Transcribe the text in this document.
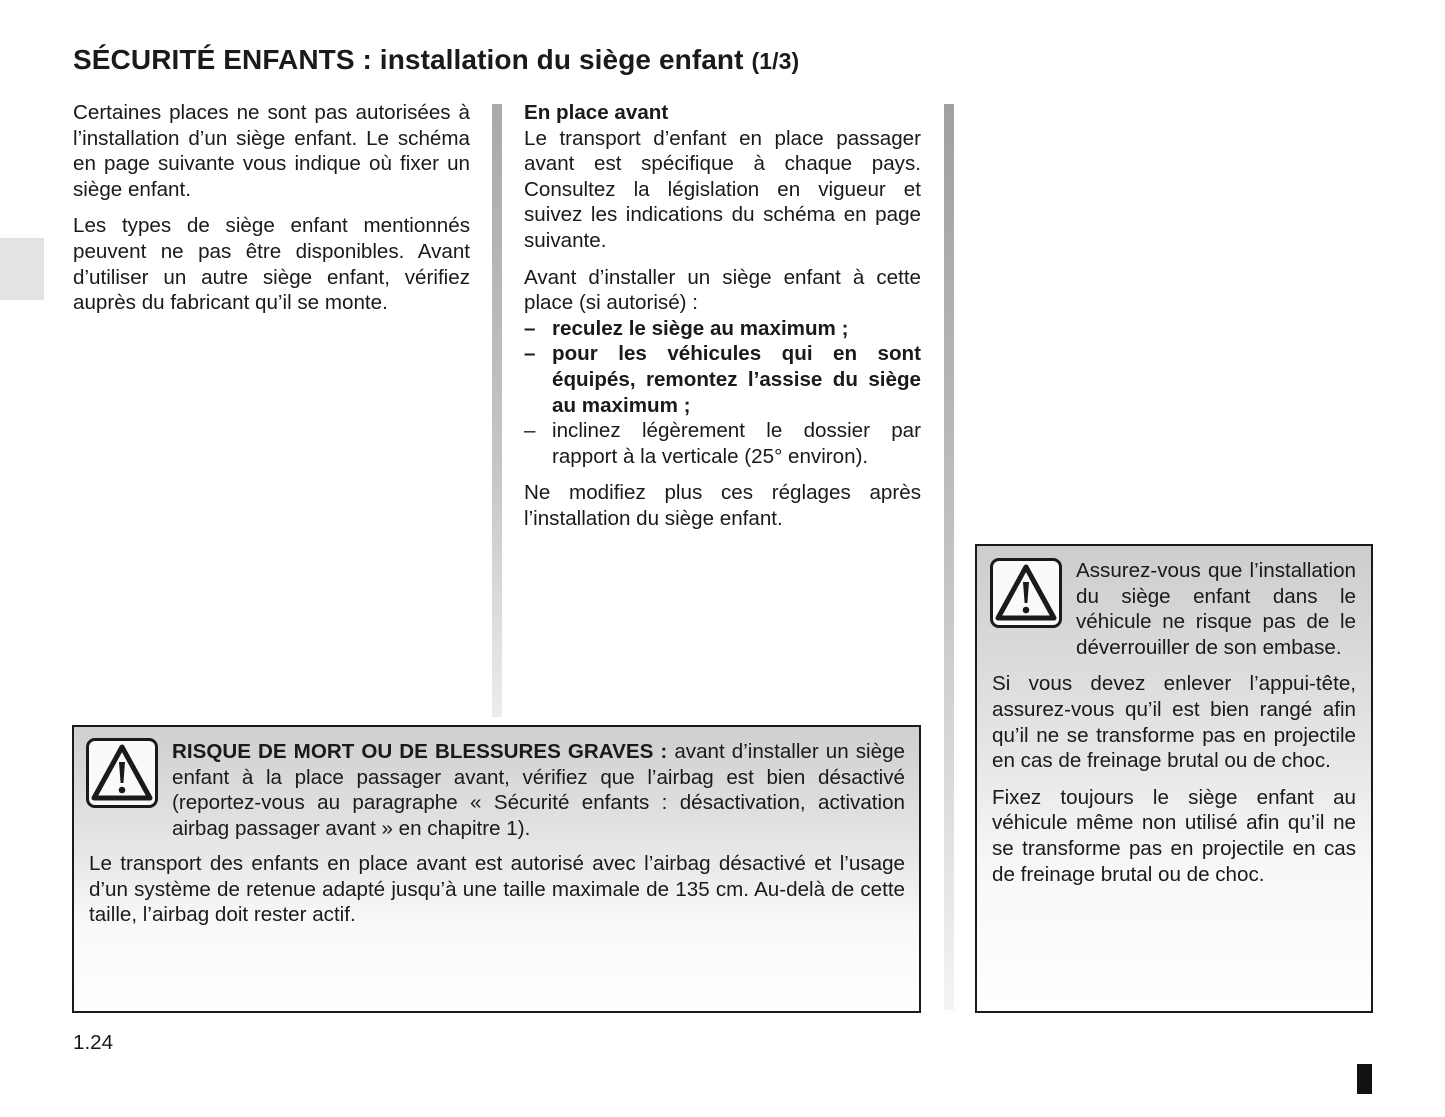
SÉCURITÉ ENFANTS : installation du siège enfant (1/3)

Certaines places ne sont pas autorisées à l’installation d’un siège enfant. Le schéma en page suivante vous indique où fixer un siège enfant.

Les types de siège enfant mentionnés peuvent ne pas être disponibles. Avant d’utiliser un autre siège enfant, vérifiez auprès du fabricant qu’il se monte.

En place avant
Le transport d’enfant en place passager avant est spécifique à chaque pays. Consultez la législation en vigueur et suivez les indications du schéma en page suivante.

Avant d’installer un siège enfant à cette place (si autorisé) :

– reculez le siège au maximum ;
– pour les véhicules qui en sont équipés, remontez l’assise du siège au maximum ;
– inclinez légèrement le dossier par rapport à la verticale (25° environ).

Ne modifiez plus ces réglages après l’installation du siège enfant.

RISQUE DE MORT OU DE BLESSURES GRAVES : avant d’installer un siège enfant à la place passager avant, vérifiez que l’airbag est bien désactivé (reportez-vous au paragraphe « Sécurité enfants : désactivation, activation airbag passager avant » en chapitre 1).

Le transport des enfants en place avant est autorisé avec l’airbag désactivé et l’usage d’un système de retenue adapté jusqu’à une taille maximale de 135 cm. Au-delà de cette taille, l’airbag doit rester actif.

Assurez-vous que l’installation du siège enfant dans le véhicule ne risque pas de le déverrouiller de son embase.

Si vous devez enlever l’appui-tête, assurez-vous qu’il est bien rangé afin qu’il ne se transforme pas en projectile en cas de freinage brutal ou de choc.

Fixez toujours le siège enfant au véhicule même non utilisé afin qu’il ne se transforme pas en projectile en cas de freinage brutal ou de choc.

1.24
